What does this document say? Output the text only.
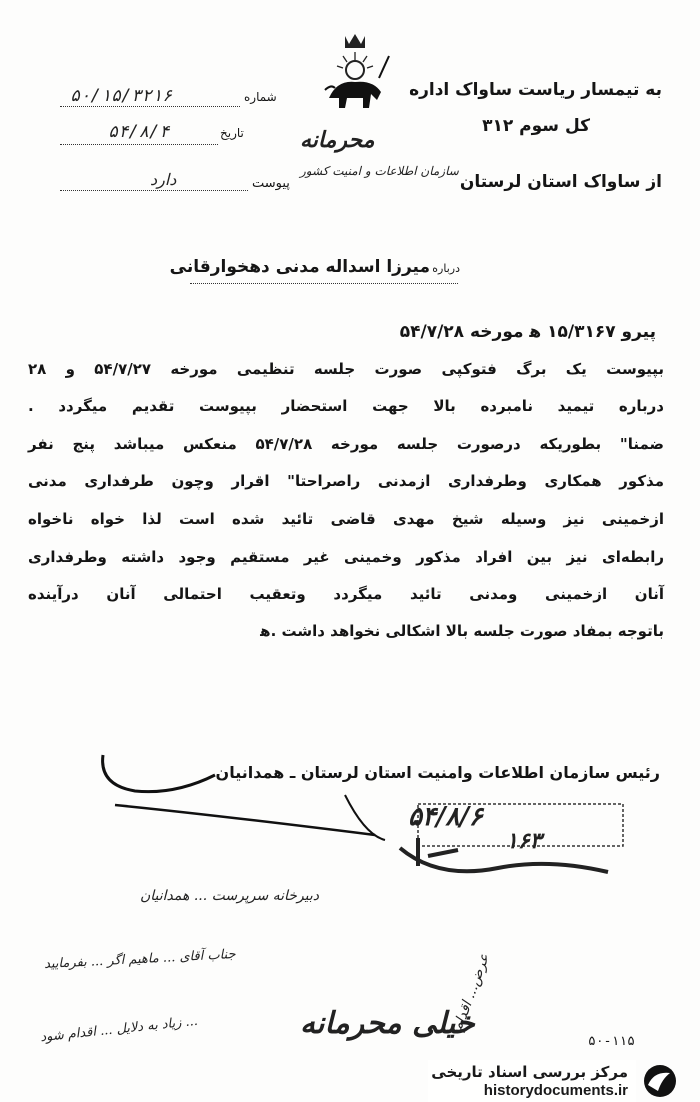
محرمانه
سازمان اطلاعات و امنیت کشور
به تیمسار ریاست ساواک اداره
کل سوم ۳۱۲
از ساواک استان لرستان
شماره
۵۰/۱۵/۳۲۱۶
تاریخ
۵۴/۸/۴
پیوست
دارد
درباره
میرزا اسداله مدنی دهخوارقانی
پیرو ۱۵/۳۱۶۷ ه‍ مورخه ۵۴/۷/۲۸
بپیوست یک برگ فتوکپی صورت جلسه تنظیمی مورخه ۵۴/۷/۲۷ و ۲۸
درباره تیمید نامبرده بالا جهت استحضار بپیوست تقدیم میگردد .
ضمنا" بطوریکه درصورت جلسه مورخه ۵۴/۷/۲۸ منعکس میباشد پنج نفر
مذکور همکاری وطرفداری ازمدنی راصراحتا" اقرار وچون طرفداری مدنی
ازخمینی نیز وسیله شیخ مهدی قاضی تائید شده است لذا خواه ناخواه
رابطه‌ای نیز بین افراد مذکور وخمینی غیر مستقیم وجود داشته وطرفداری
آنان ازخمینی ومدنی تائید میگردد وتعقیب احتمالی آنان درآینده
باتوجه بمفاد صورت جلسه بالا اشکالی نخواهد داشت .ه‍
رئیس سازمان اطلاعات وامنیت استان لرستان ـ همدانیان
۵۴/۸/۶
۱۶۳
دبیرخانه سرپرست ... همدانیان
جناب آقای ... ماهیم اگر ... بفرمایید
خیلی محرمانه
عرض... اقدام
... زیاد به دلایل ... اقدام شود	۵۰-۱۱۵
مرکز بررسی اسناد تاریخی
historydocuments.ir
